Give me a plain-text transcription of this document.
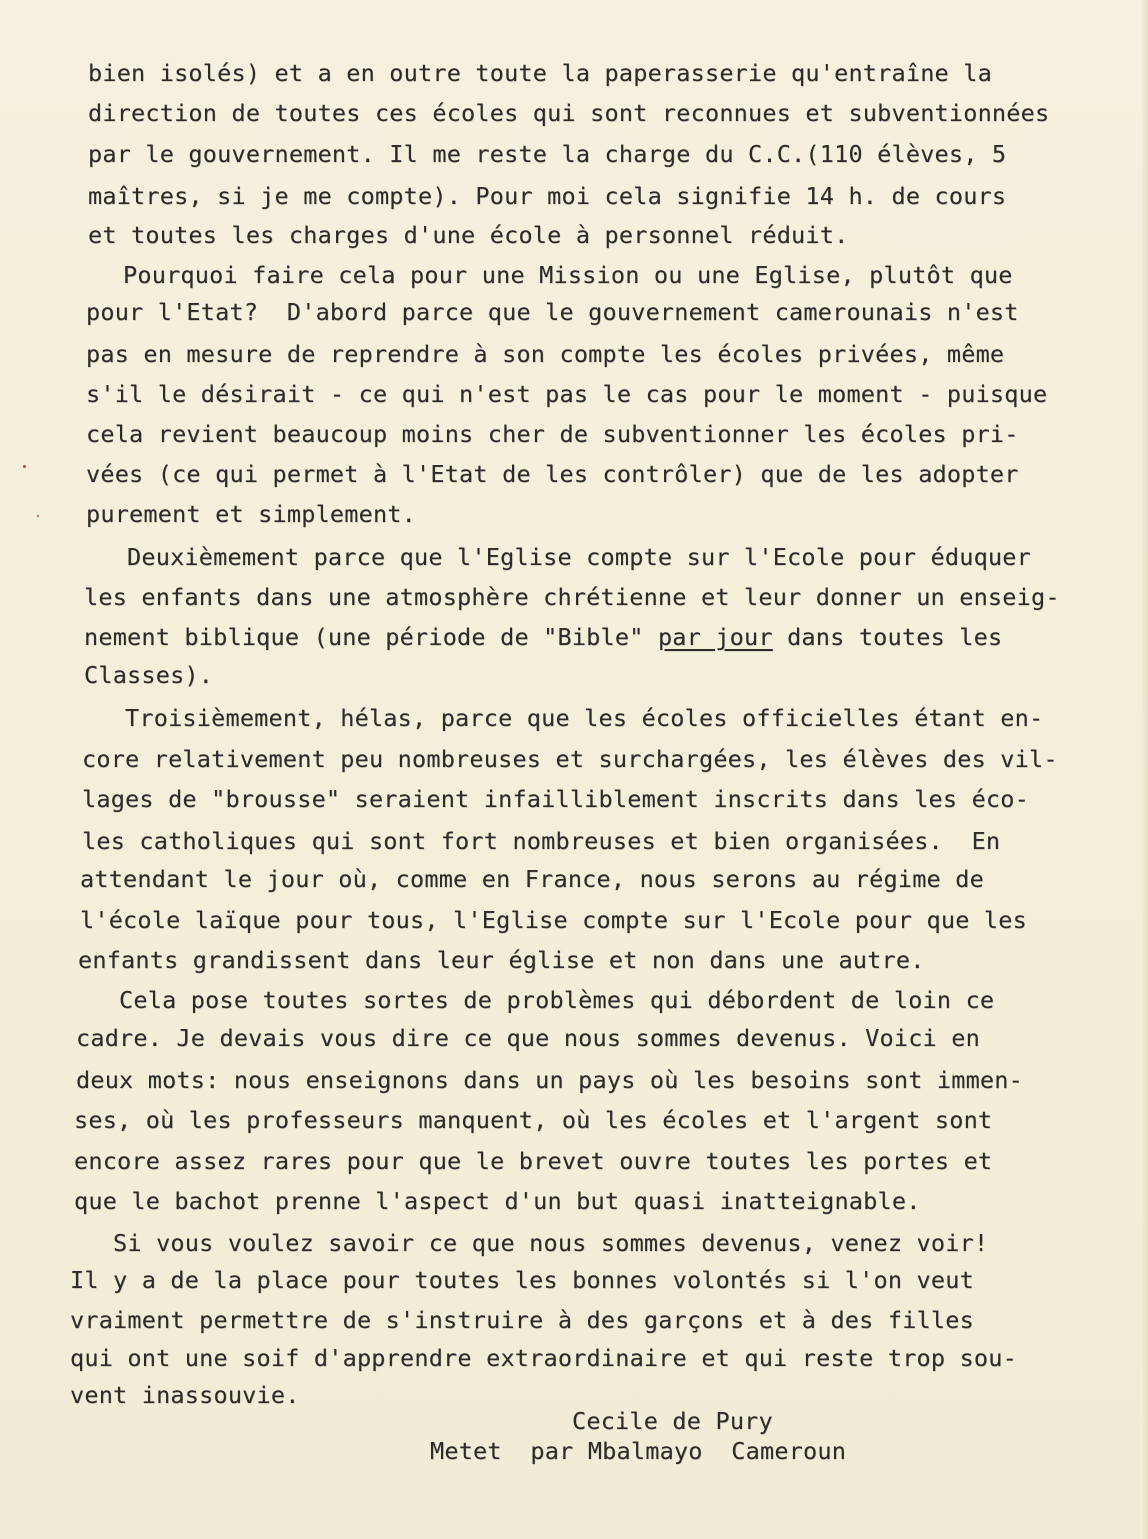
bien isolés) et a en outre toute la paperasserie qu'entraîne la
direction de toutes ces écoles qui sont reconnues et subventionnées
par le gouvernement. Il me reste la charge du C.C.(110 élèves, 5
maîtres, si je me compte). Pour moi cela signifie 14 h. de cours
et toutes les charges d'une école à personnel réduit.
Pourquoi faire cela pour une Mission ou une Eglise, plutôt que
pour l'Etat?  D'abord parce que le gouvernement camerounais n'est
pas en mesure de reprendre à son compte les écoles privées, même
s'il le désirait - ce qui n'est pas le cas pour le moment - puisque
cela revient beaucoup moins cher de subventionner les écoles pri-
vées (ce qui permet à l'Etat de les contrôler) que de les adopter
purement et simplement.
Deuxièmement parce que l'Eglise compte sur l'Ecole pour éduquer
les enfants dans une atmosphère chrétienne et leur donner un enseig-
nement biblique (une période de "Bible" par jour dans toutes les
Classes).
Troisièmement, hélas, parce que les écoles officielles étant en-
core relativement peu nombreuses et surchargées, les élèves des vil-
lages de "brousse" seraient infailliblement inscrits dans les éco-
les catholiques qui sont fort nombreuses et bien organisées.  En
attendant le jour où, comme en France, nous serons au régime de
l'école laïque pour tous, l'Eglise compte sur l'Ecole pour que les
enfants grandissent dans leur église et non dans une autre.
Cela pose toutes sortes de problèmes qui débordent de loin ce
cadre. Je devais vous dire ce que nous sommes devenus. Voici en
deux mots: nous enseignons dans un pays où les besoins sont immen-
ses, où les professeurs manquent, où les écoles et l'argent sont
encore assez rares pour que le brevet ouvre toutes les portes et
que le bachot prenne l'aspect d'un but quasi inatteignable.
Si vous voulez savoir ce que nous sommes devenus, venez voir!
Il y a de la place pour toutes les bonnes volontés si l'on veut
vraiment permettre de s'instruire à des garçons et à des filles
qui ont une soif d'apprendre extraordinaire et qui reste trop sou-
vent inassouvie.
Cecile de Pury
Metet  par Mbalmayo  Cameroun
